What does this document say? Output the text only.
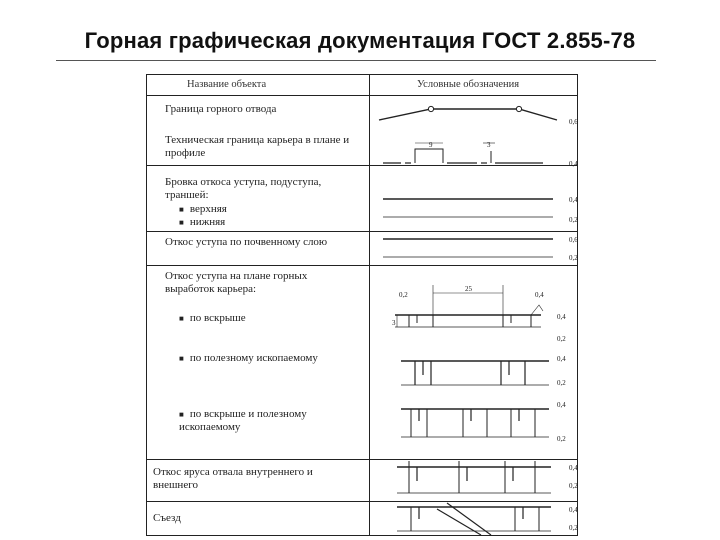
Горная графическая документация ГОСТ 2.855-78
Название объекта	Условные обозначения
Граница горного отвода
Техническая граница карьера в плане и профиле
Бровка откоса уступа, подуступа, траншей:
■ верхняя
■ нижняя
Откос уступа по почвенному слою
Откос уступа на плане горных выработок карьера:
■ по вскрыше
■ по полезному ископаемому
■ по вскрыше и полезному ископаемому
Откос яруса отвала внутреннего и внешнего
Съезд
9	3
0,2
25
0,4
3
0,6
0,4
0,4
0,2
0,6
0,2
0,4
0,2
0,4
0,2
0,4
0,2
0,4
0,2
0,4
0,2
